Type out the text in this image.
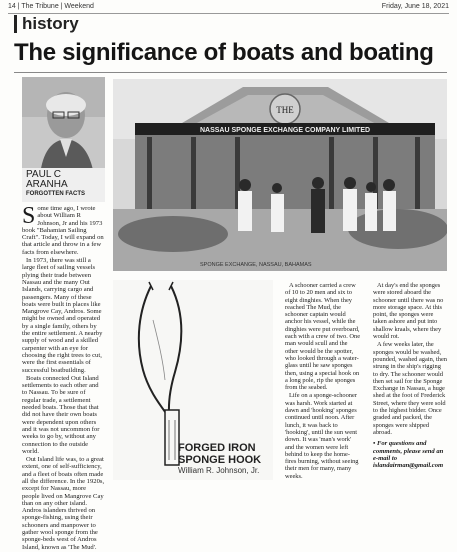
14 | The Tribune | Weekend	Friday, June 18, 2021
history
The significance of boats and boating
PAUL C
ARANHA
FORGOTTEN FACTS
THE
NASSAU SPONGE EXCHANGE COMPANY LIMITED
SPONGE EXCHANGE, NASSAU, BAHAMAS

Some time ago, I wrote about William R Johnson, Jr and his 1973 book "Bahamian Sailing Craft". Today, I will expand on that article and throw in a few facts from elsewhere.

In 1973, there was still a large fleet of sailing vessels plying their trade between Nassau and the many Out Islands, carrying cargo and passengers. Many of these boats were built in places like Mangrove Cay, Andros. Some might be owned and operated by a single family, others by the entire settlement. A nearby supply of wood and a skilled carpenter with an eye for choosing the right trees to cut, were the first essentials of successful boatbuilding.

Boats connected Out Island settlements to each other and to Nassau. To be sure of regular trade, a settlement needed boats. Those that that did not have their own boats were dependent upon others and it was not uncommon for weeks to go by, without any connection to the outside world.

Out Island life was, to a great extent, one of self-sufficiency, and a fleet of boats often made all the difference. In the 1920s, except for Nassau, more people lived on Mangrove Cay than on any other island. Andros islanders thrived on sponge-fishing, using their schooners and manpower to gather wool sponge from the sponge-beds west of Andros Island, known as 'The Mud'.

FORGED IRON
SPONGE HOOK
William R. Johnson, Jr.

A schooner carried a crew of 10 to 20 men and six to eight dinghies. When they reached The Mud, the schooner captain would anchor his vessel, while the dinghies were put overboard, each with a crew of two. One man would scull and the other would be the spotter, who looked through a water-glass until he saw sponges then, using a special hook on a long pole, rip the sponges from the seabed.

Life on a sponge-schooner was harsh. Work started at dawn and 'hooking' sponges continued until noon. After lunch, it was back to 'hooking', until the sun went down. It was 'man's work' and the women were left behind to keep the home-fires burning, without seeing their men for many, many weeks.

At day's end the sponges were stored aboard the schooner until there was no more storage space. At this point, the sponges were taken ashore and put into shallow kraals, where they would rot.

A few weeks later, the sponges would be washed, pounded, washed again, then strung in the ship's rigging to dry. The schooner would then set sail for the Sponge Exchange in Nassau, a huge shed at the foot of Frederick Street, where they were sold to the highest bidder. Once graded and packed, the sponges were shipped abroad.

• For questions and comments, please send an e-mail to islandairman@gmail.com
